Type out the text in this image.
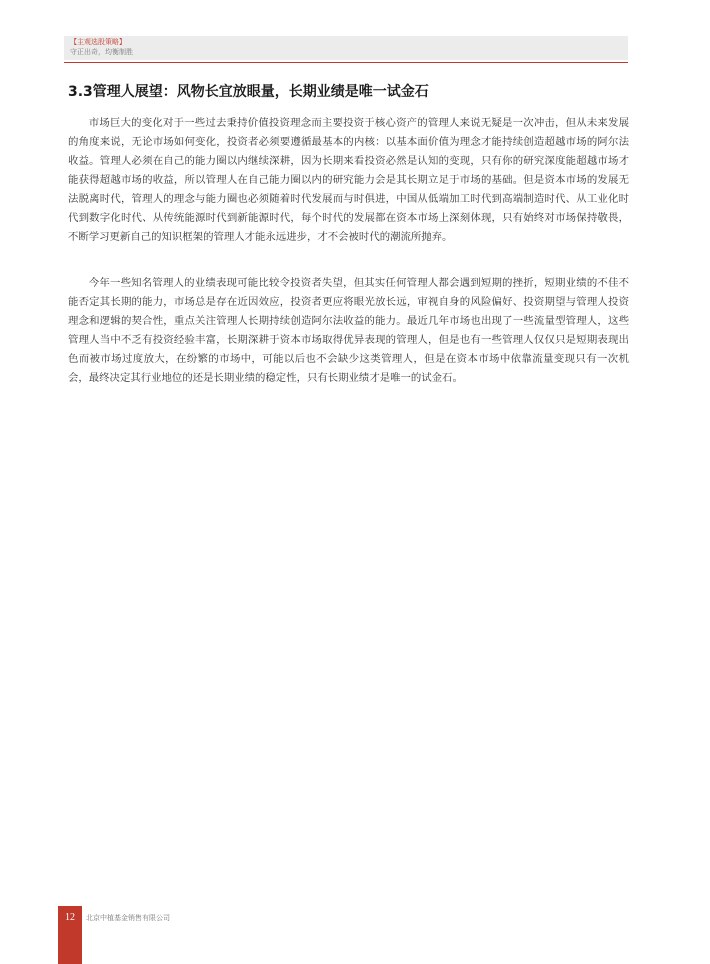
【主观选股策略】
守正出奇，均衡制胜
3.3管理人展望：风物长宜放眼量，长期业绩是唯一试金石

市场巨大的变化对于一些过去秉持价值投资理念而主要投资于核心资产的管理人来说无疑是一次冲击，但从未来发展的角度来说，无论市场如何变化，投资者必须要遵循最基本的内核：以基本面价值为理念才能持续创造超越市场的阿尔法收益。管理人必须在自己的能力圈以内继续深耕，因为长期来看投资必然是认知的变现，只有你的研究深度能超越市场才能获得超越市场的收益，所以管理人在自己能力圈以内的研究能力会是其长期立足于市场的基础。但是资本市场的发展无法脱离时代，管理人的理念与能力圈也必须随着时代发展而与时俱进，中国从低端加工时代到高端制造时代、从工业化时代到数字化时代、从传统能源时代到新能源时代，每个时代的发展都在资本市场上深刻体现，只有始终对市场保持敬畏，不断学习更新自己的知识框架的管理人才能永远进步，才不会被时代的潮流所抛弃。

今年一些知名管理人的业绩表现可能比较令投资者失望，但其实任何管理人都会遇到短期的挫折，短期业绩的不佳不能否定其长期的能力，市场总是存在近因效应，投资者更应将眼光放长远，审视自身的风险偏好、投资期望与管理人投资理念和逻辑的契合性，重点关注管理人长期持续创造阿尔法收益的能力。最近几年市场也出现了一些流量型管理人，这些管理人当中不乏有投资经验丰富，长期深耕于资本市场取得优异表现的管理人，但是也有一些管理人仅仅只是短期表现出色而被市场过度放大，在纷繁的市场中，可能以后也不会缺少这类管理人，但是在资本市场中依靠流量变现只有一次机会，最终决定其行业地位的还是长期业绩的稳定性，只有长期业绩才是唯一的试金石。

12	北京中植基金销售有限公司
